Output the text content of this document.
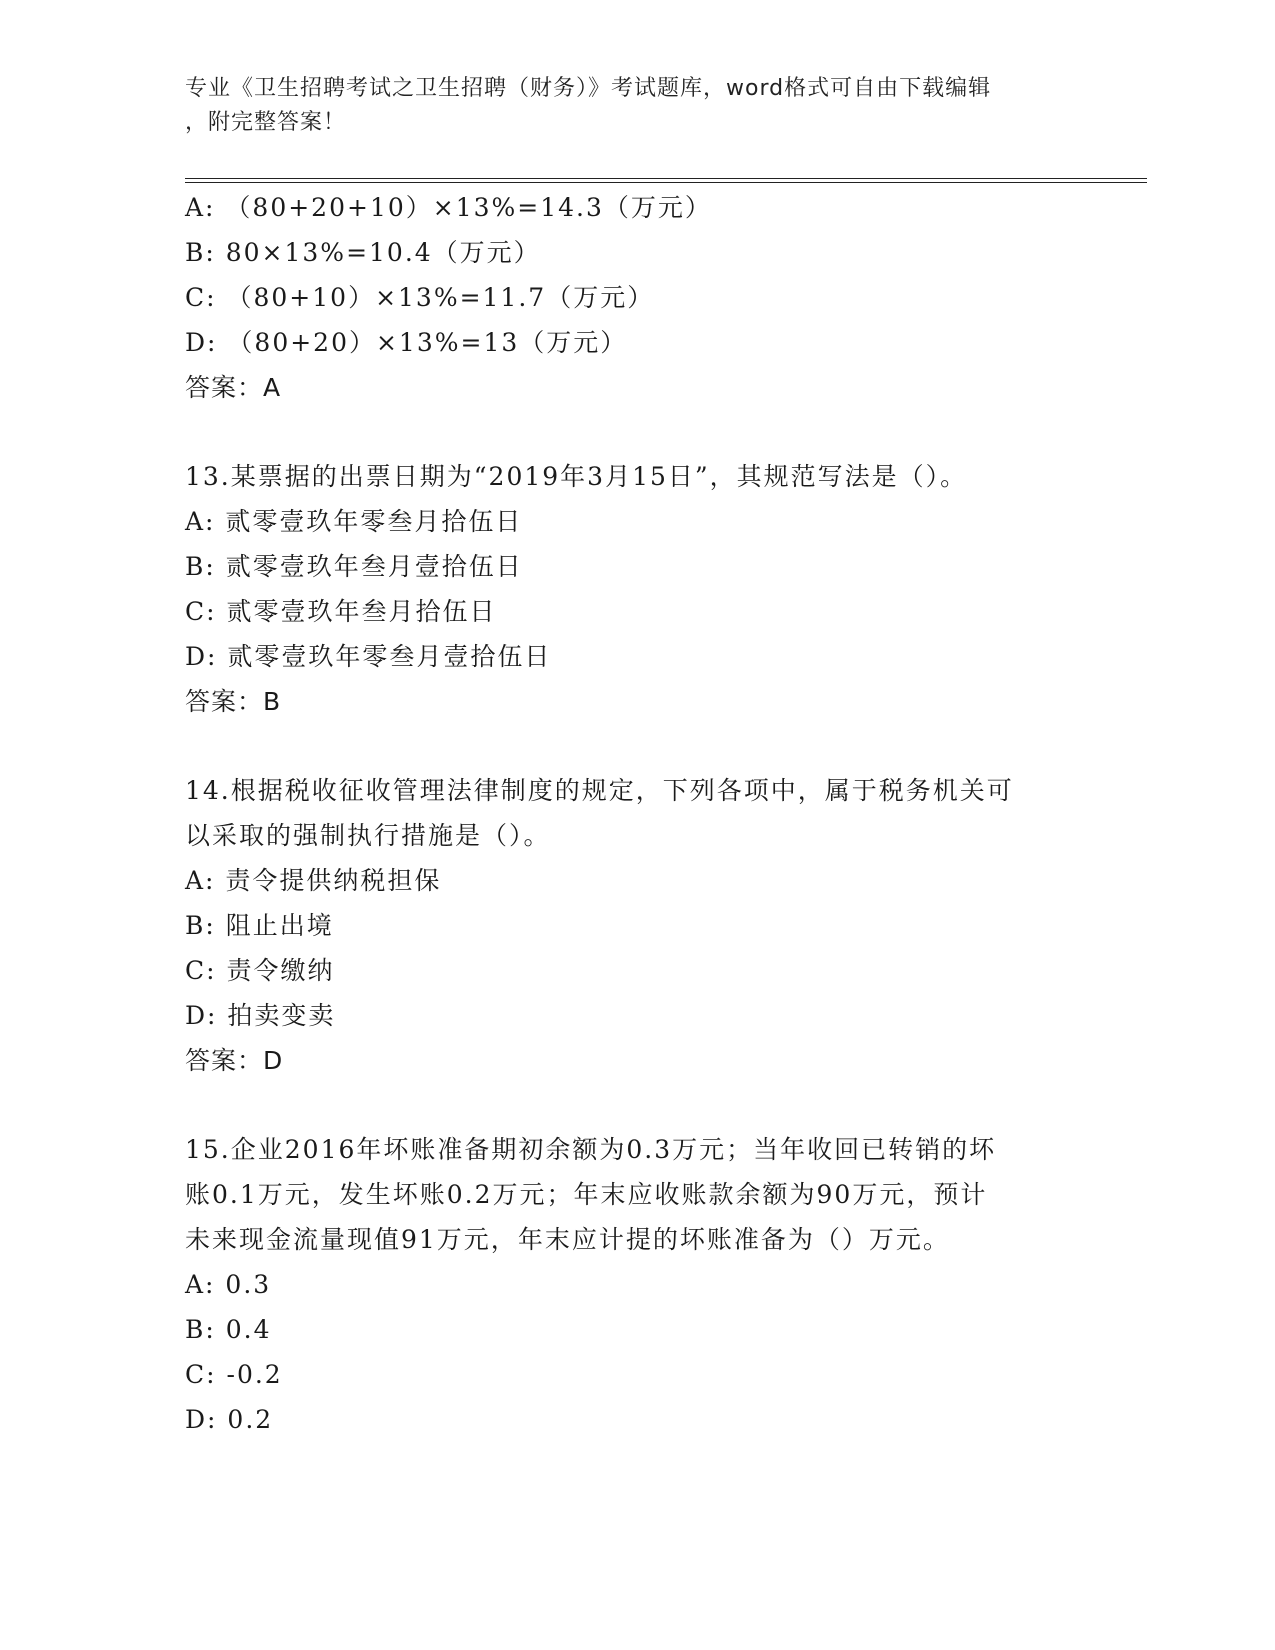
专业《卫生招聘考试之卫生招聘（财务）》考试题库，word格式可自由下载编辑
，附完整答案！
A: （80+20+10）×13%=14.3（万元）
B: 80×13%=10.4（万元）
C: （80+10）×13%=11.7（万元）
D: （80+20）×13%=13（万元）
答案：A
13.某票据的出票日期为“2019年3月15日”，其规范写法是（）。
A: 贰零壹玖年零叁月拾伍日
B: 贰零壹玖年叁月壹拾伍日
C: 贰零壹玖年叁月拾伍日
D: 贰零壹玖年零叁月壹拾伍日
答案：B
14.根据税收征收管理法律制度的规定，下列各项中，属于税务机关可
以采取的强制执行措施是（）。
A: 责令提供纳税担保
B: 阻止出境
C: 责令缴纳
D: 拍卖变卖
答案：D
15.企业2016年坏账准备期初余额为0.3万元；当年收回已转销的坏
账0.1万元，发生坏账0.2万元；年末应收账款余额为90万元，预计
未来现金流量现值91万元，年末应计提的坏账准备为（）万元。
A: 0.3
B: 0.4
C: -0.2
D: 0.2
